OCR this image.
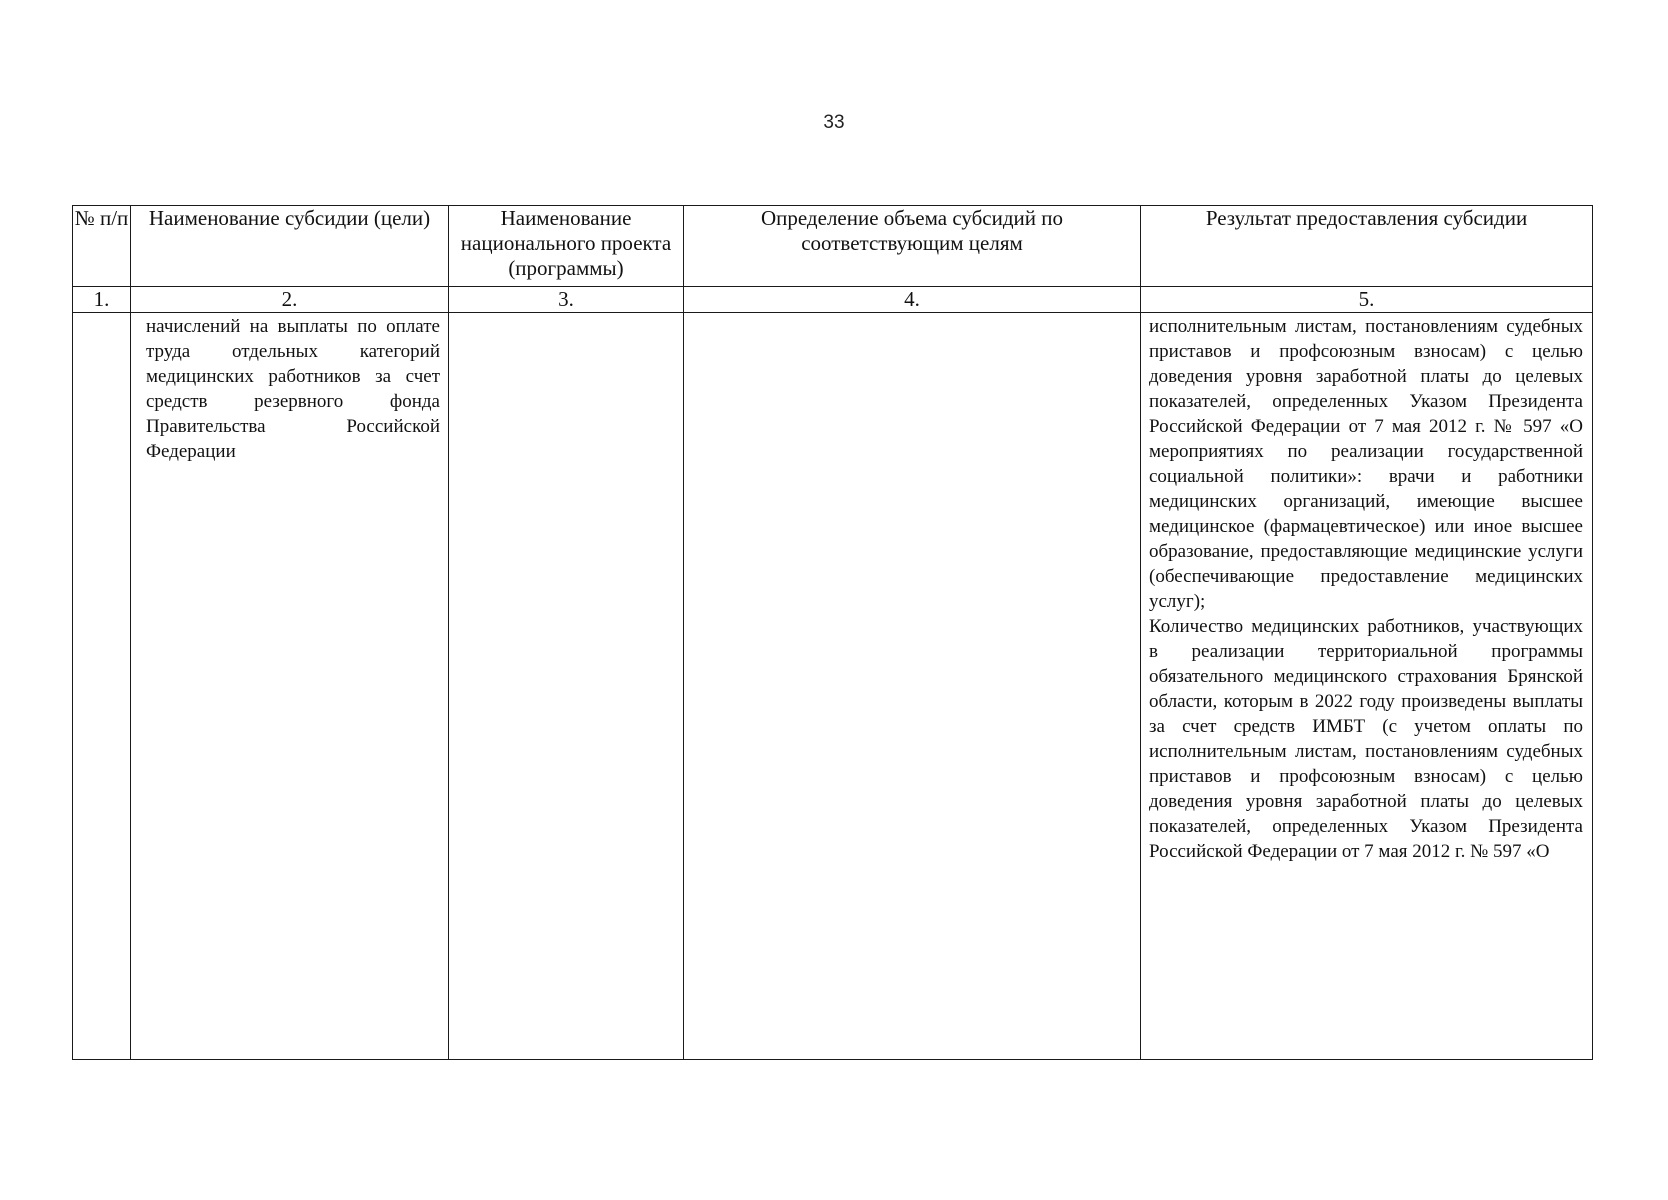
33
№ п/п	Наименование субсидии (цели)	Наименование национального проекта (программы)	Определение объема субсидий по соответствующим целям	Результат предоставления субсидии
1.	2.	3.	4.	5.

	начислений на выплаты по оплате труда отдельных категорий медицинских работников за счет средств резервного фонда Правительства Российской Федерации			исполнительным листам, постановлениям судебных приставов и профсоюзным взносам) с целью доведения уровня заработной платы до целевых показателей, определенных Указом Президента Российской Федерации от 7 мая 2012 г. № 597 «О мероприятиях по реализации государственной социальной политики»: врачи и работники медицинских организаций, имеющие высшее медицинское (фармацевтическое) или иное высшее образование, предоставляющие медицинские услуги (обеспечивающие предоставление медицинских услуг);

Количество медицинских работников, участвующих в реализации территориальной программы обязательного медицинского страхования Брянской области, которым в 2022 году произведены выплаты за счет средств ИМБТ (с учетом оплаты по исполнительным листам, постановлениям судебных приставов и профсоюзным взносам) с целью доведения уровня заработной платы до целевых показателей, определенных Указом Президента Российской Федерации от 7 мая 2012 г. № 597 «О
